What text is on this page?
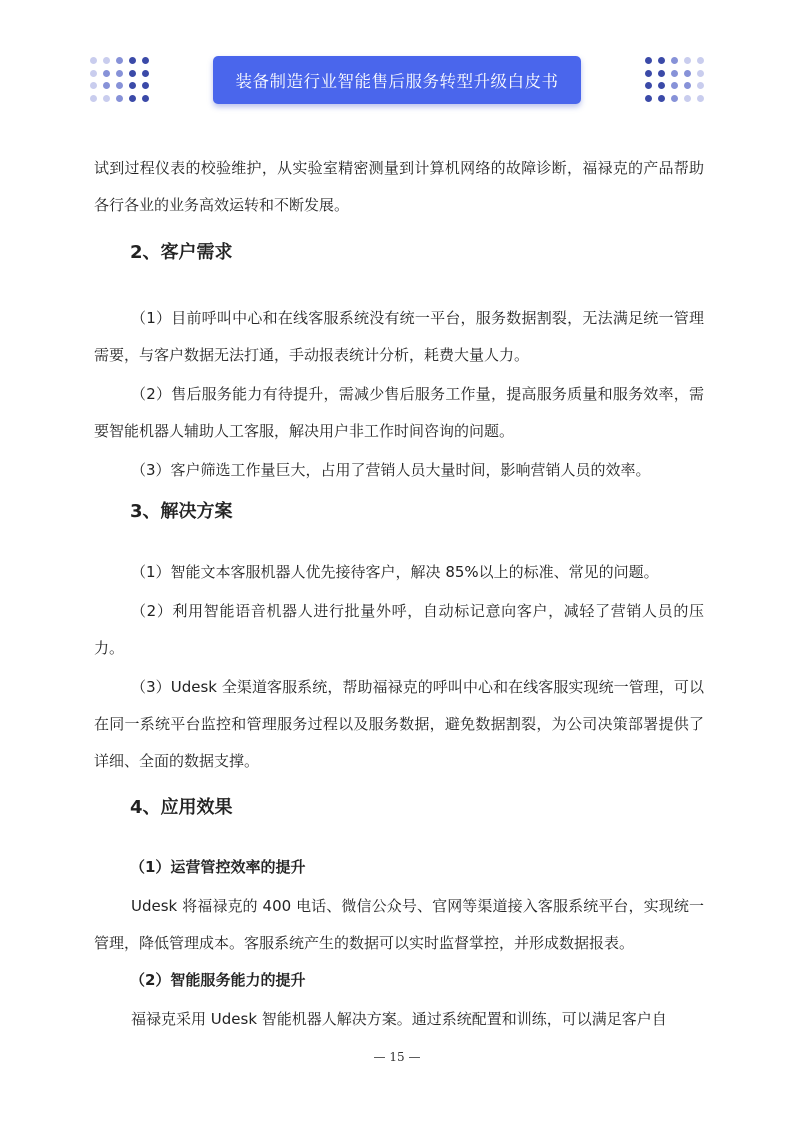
装备制造行业智能售后服务转型升级白皮书

试到过程仪表的校验维护，从实验室精密测量到计算机网络的故障诊断，福禄克的产品帮助各行各业的业务高效运转和不断发展。

2、客户需求

（1）目前呼叫中心和在线客服系统没有统一平台，服务数据割裂，无法满足统一管理需要，与客户数据无法打通，手动报表统计分析，耗费大量人力。

（2）售后服务能力有待提升，需减少售后服务工作量，提高服务质量和服务效率，需要智能机器人辅助人工客服，解决用户非工作时间咨询的问题。

（3）客户筛选工作量巨大，占用了营销人员大量时间，影响营销人员的效率。

3、解决方案

（1）智能文本客服机器人优先接待客户，解决 85%以上的标准、常见的问题。

（2）利用智能语音机器人进行批量外呼，自动标记意向客户，减轻了营销人员的压力。

（3）Udesk 全渠道客服系统，帮助福禄克的呼叫中心和在线客服实现统一管理，可以在同一系统平台监控和管理服务过程以及服务数据，避免数据割裂，为公司决策部署提供了详细、全面的数据支撑。

4、应用效果

（1）运营管控效率的提升

Udesk 将福禄克的 400 电话、微信公众号、官网等渠道接入客服系统平台，实现统一管理，降低管理成本。客服系统产生的数据可以实时监督掌控，并形成数据报表。

（2）智能服务能力的提升

福禄克采用 Udesk 智能机器人解决方案。通过系统配置和训练，可以满足客户自

— 15 —
